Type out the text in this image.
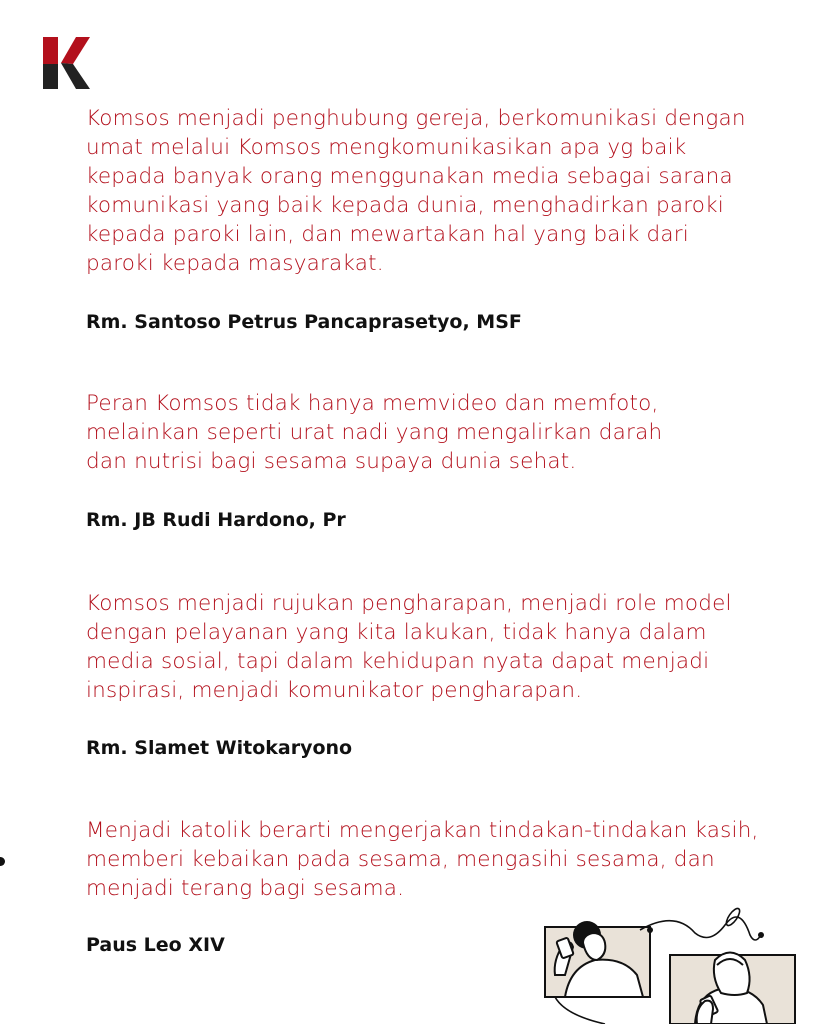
Komsos menjadi penghubung gereja, berkomunikasi dengan
umat melalui Komsos mengkomunikasikan apa yg baik
kepada banyak orang menggunakan media sebagai sarana
komunikasi yang baik kepada dunia, menghadirkan paroki
kepada paroki lain, dan mewartakan hal yang baik dari
paroki kepada masyarakat.

Rm. Santoso Petrus Pancaprasetyo, MSF

Peran Komsos tidak hanya memvideo dan memfoto,
melainkan seperti urat nadi yang mengalirkan darah
dan nutrisi bagi sesama supaya dunia sehat.

Rm. JB Rudi Hardono, Pr

Komsos menjadi rujukan pengharapan, menjadi role model
dengan pelayanan yang kita lakukan, tidak hanya dalam
media sosial, tapi dalam kehidupan nyata dapat menjadi
inspirasi, menjadi komunikator pengharapan.

Rm. Slamet Witokaryono

Menjadi katolik berarti mengerjakan tindakan-tindakan kasih,
memberi kebaikan pada sesama, mengasihi sesama, dan
menjadi terang bagi sesama.

Paus Leo XIV
